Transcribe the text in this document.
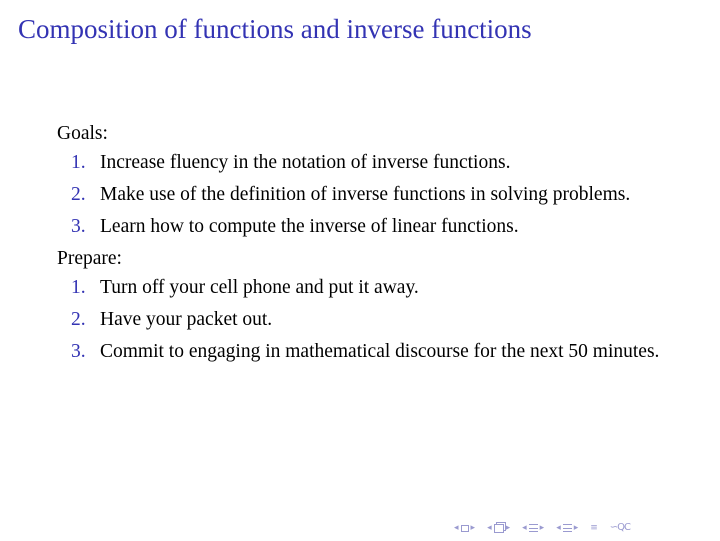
Composition of functions and inverse functions

Goals:

1. Increase fluency in the notation of inverse functions.
2. Make use of the definition of inverse functions in solving problems.
3. Learn how to compute the inverse of linear functions.

Prepare:

1. Turn off your cell phone and put it away.
2. Have your packet out.
3. Commit to engaging in mathematical discourse for the next 50 minutes.
◂ ▸ ◂ ▸ ◂ ▸ ◂ ▸ ≡ ∽QC
